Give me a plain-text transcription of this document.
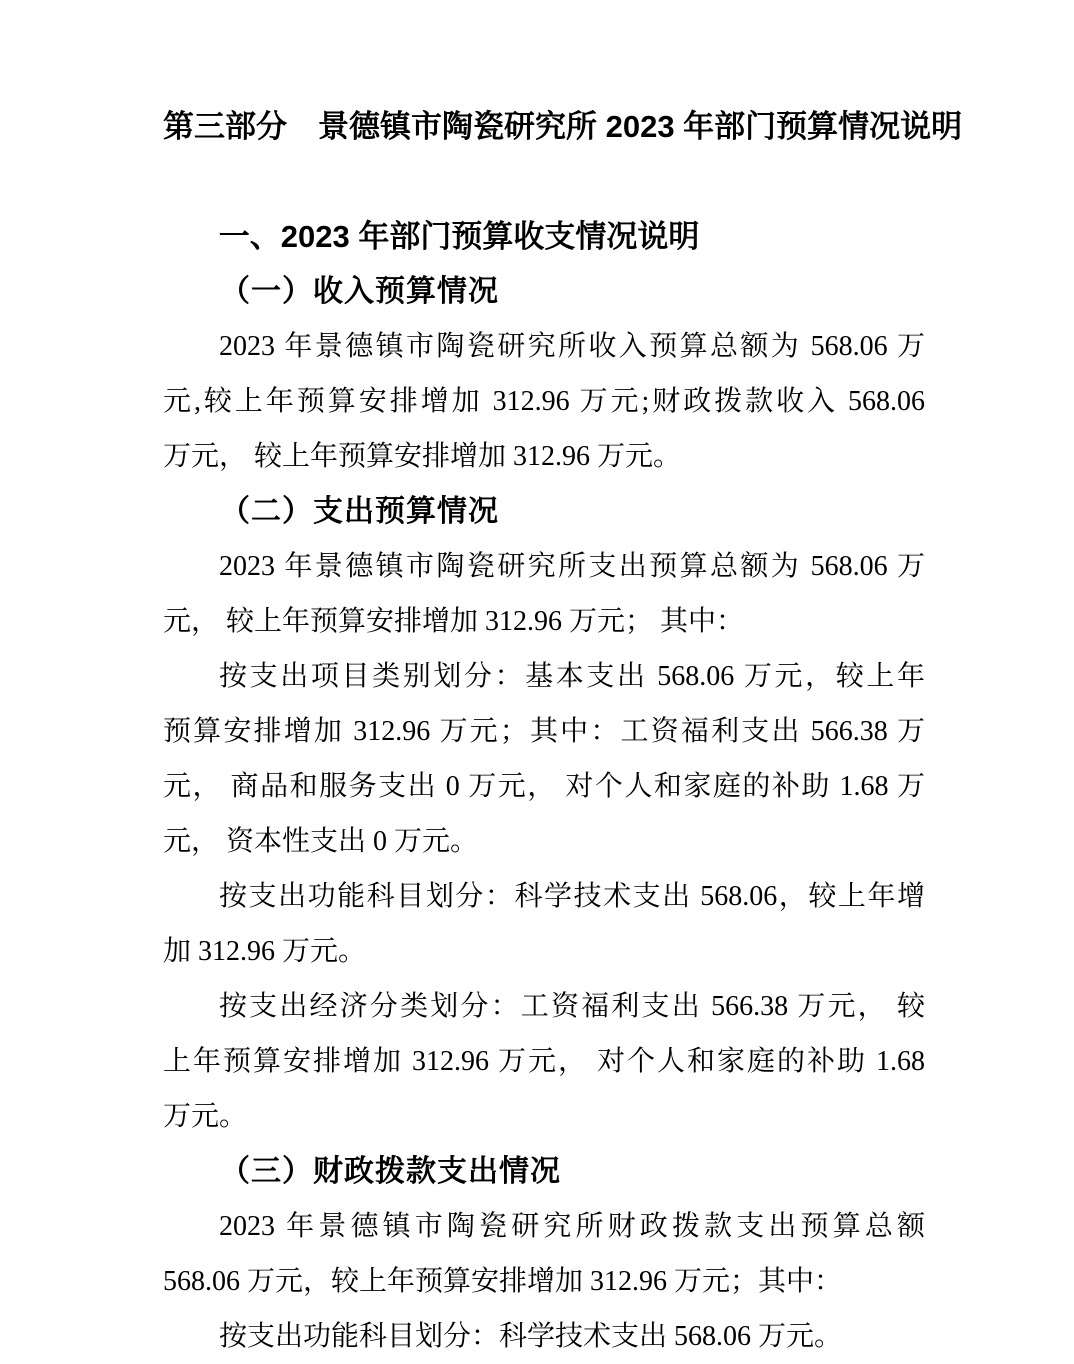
第三部分　景德镇市陶瓷研究所 2023 年部门预算情况说明
一、2023 年部门预算收支情况说明
（一）收入预算情况
2023 年景德镇市陶瓷研究所收入预算总额为 568.06 万
元,较上年预算安排增加 312.96 万元;财政拨款收入 568.06
万元， 较上年预算安排增加 312.96 万元。
（二）支出预算情况
2023 年景德镇市陶瓷研究所支出预算总额为 568.06 万
元， 较上年预算安排增加 312.96 万元； 其中：
按支出项目类别划分：基本支出 568.06 万元，较上年
预算安排增加 312.96 万元；其中：工资福利支出 566.38 万
元， 商品和服务支出 0 万元， 对个人和家庭的补助 1.68 万
元， 资本性支出 0 万元。
按支出功能科目划分：科学技术支出 568.06，较上年增
加 312.96 万元。
按支出经济分类划分：工资福利支出 566.38 万元， 较
上年预算安排增加 312.96 万元， 对个人和家庭的补助 1.68
万元。
（三）财政拨款支出情况
2023 年景德镇市陶瓷研究所财政拨款支出预算总额
568.06 万元，较上年预算安排增加 312.96 万元；其中：
按支出功能科目划分：科学技术支出 568.06 万元。
